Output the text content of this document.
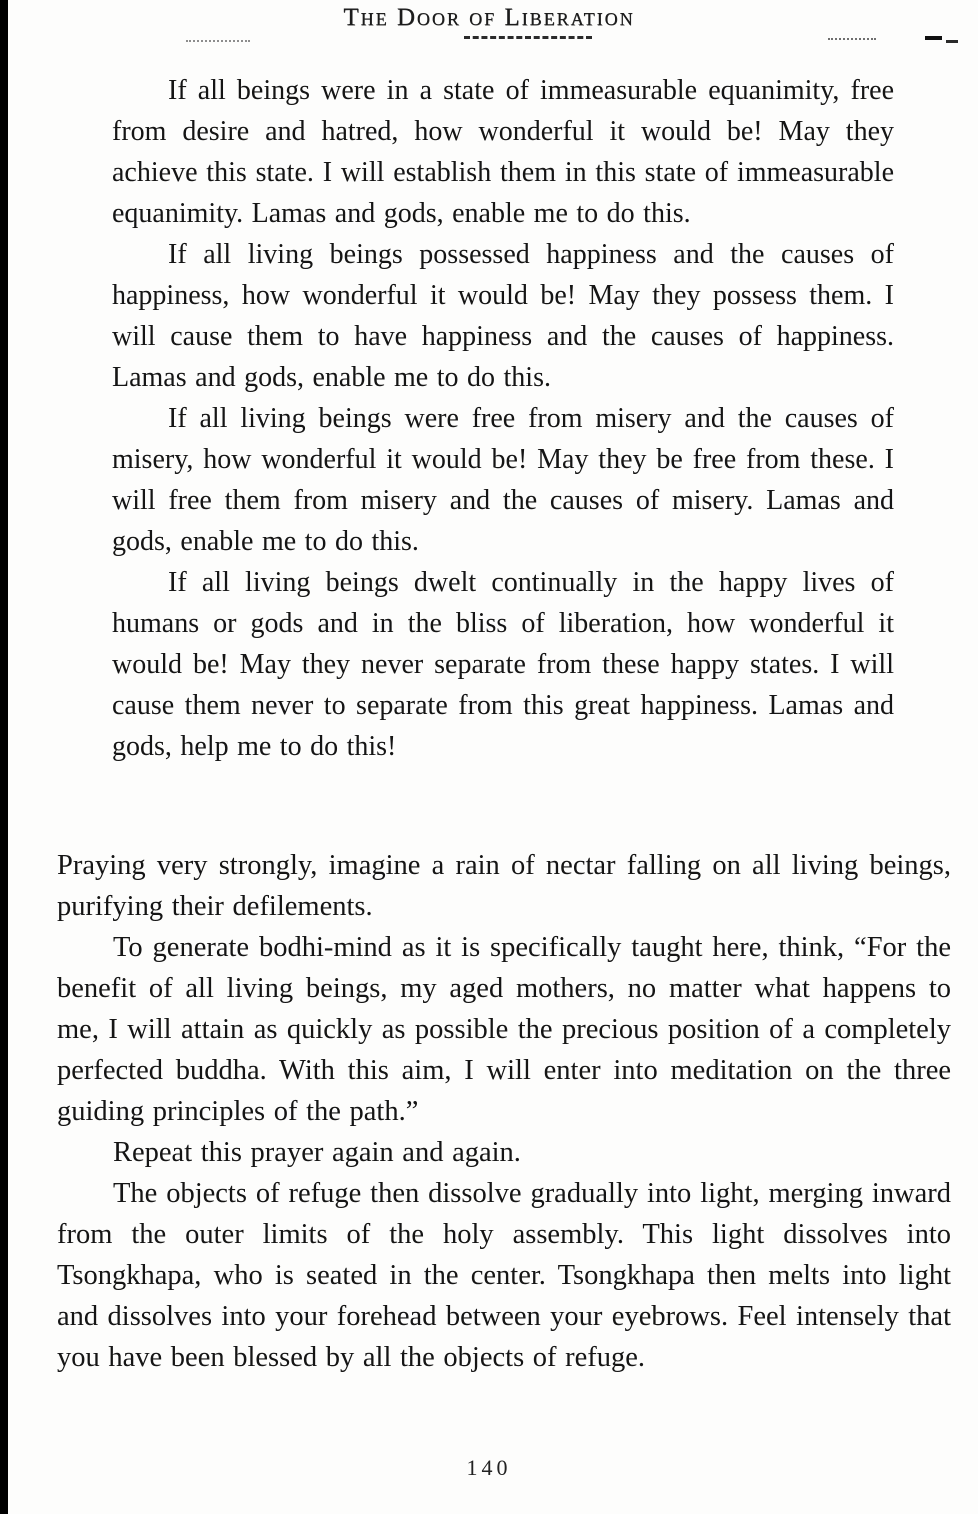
The Door of Liberation

If all beings were in a state of immeasurable equanimity, free from desire and hatred, how wonderful it would be! May they achieve this state. I will establish them in this state of immeasurable equanimity. Lamas and gods, enable me to do this.

If all living beings possessed happiness and the causes of happiness, how wonderful it would be! May they possess them. I will cause them to have happiness and the causes of happiness. Lamas and gods, enable me to do this.

If all living beings were free from misery and the causes of misery, how wonderful it would be! May they be free from these. I will free them from misery and the causes of misery. Lamas and gods, enable me to do this.

If all living beings dwelt continually in the happy lives of humans or gods and in the bliss of liberation, how wonderful it would be! May they never separate from these happy states. I will cause them never to separate from this great happiness. Lamas and gods, help me to do this!

Praying very strongly, imagine a rain of nectar falling on all living beings, purifying their defilements.

To generate bodhi-mind as it is specifically taught here, think, “For the benefit of all living beings, my aged mothers, no matter what happens to me, I will attain as quickly as possible the precious position of a completely perfected buddha. With this aim, I will enter into meditation on the three guiding principles of the path.”

Repeat this prayer again and again.

The objects of refuge then dissolve gradually into light, merging inward from the outer limits of the holy assembly. This light dissolves into Tsongkhapa, who is seated in the center. Tsongkhapa then melts into light and dissolves into your forehead between your eyebrows. Feel intensely that you have been blessed by all the objects of refuge.

140
